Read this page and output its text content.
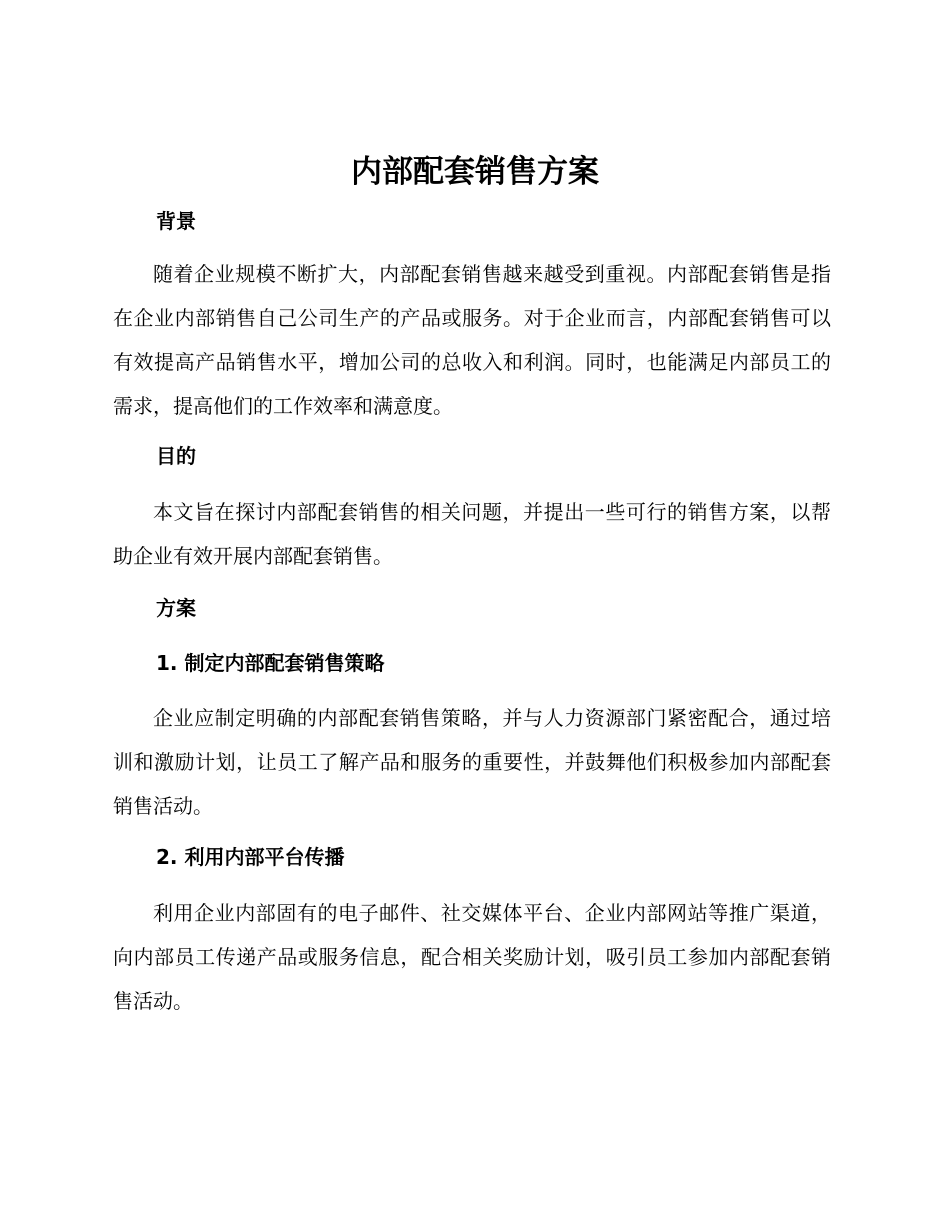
内部配套销售方案
背景

随着企业规模不断扩大，内部配套销售越来越受到重视。内部配套销售是指在企业内部销售自己公司生产的产品或服务。对于企业而言，内部配套销售可以有效提高产品销售水平，增加公司的总收入和利润。同时，也能满足内部员工的需求，提高他们的工作效率和满意度。

目的

本文旨在探讨内部配套销售的相关问题，并提出一些可行的销售方案，以帮助企业有效开展内部配套销售。

方案
1. 制定内部配套销售策略

企业应制定明确的内部配套销售策略，并与人力资源部门紧密配合，通过培训和激励计划，让员工了解产品和服务的重要性，并鼓舞他们积极参加内部配套销售活动。

2. 利用内部平台传播

利用企业内部固有的电子邮件、社交媒体平台、企业内部网站等推广渠道，向内部员工传递产品或服务信息，配合相关奖励计划，吸引员工参加内部配套销售活动。
